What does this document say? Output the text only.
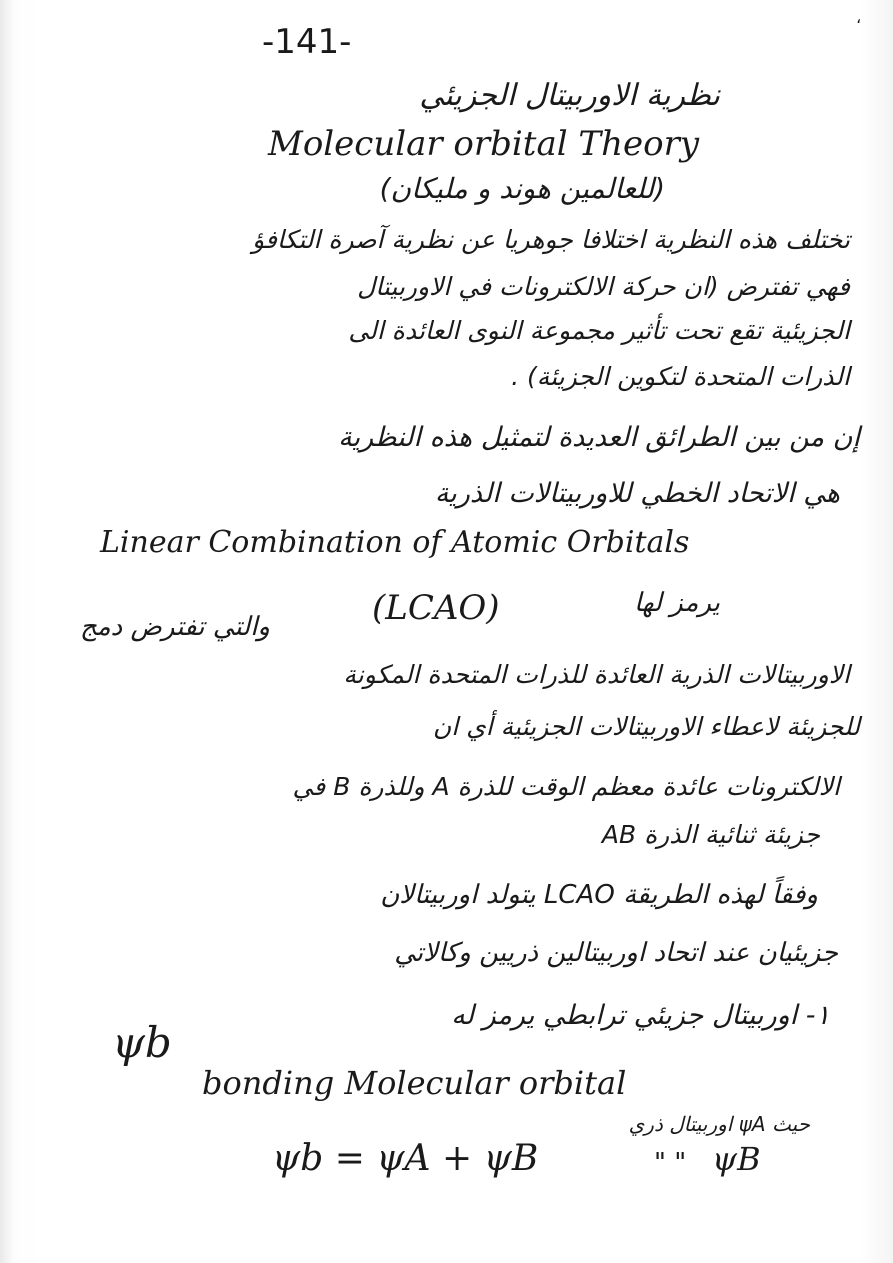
،

-141-

نظرية الاوربيتال الجزيئي

Molecular orbital Theory

(للعالمين هوند و مليكان)

تختلف هذه النظرية اختلافا جوهريا عن نظرية آصرة التكافؤ

فهي تفترض (ان حركة الالكترونات في الاوربيتال

الجزيئية تقع تحت تأثير مجموعة النوى العائدة الى

الذرات المتحدة لتكوين الجزيئة) .

إن من بين الطرائق العديدة لتمثيل هذه النظرية

هي الاتحاد الخطي للاوربيتالات الذرية

Linear Combination of Atomic Orbitals

يرمز لها

(LCAO)

والتي تفترض دمج

الاوربيتالات الذرية العائدة للذرات المتحدة المكونة

للجزيئة لاعطاء الاوربيتالات الجزيئية أي ان

الالكترونات عائدة معظم الوقت للذرة A وللذرة B في

جزيئة ثنائية الذرة AB

وفقاً لهذه الطريقة LCAO يتولد اوربيتالان

جزيئيان عند اتحاد اوربيتالين ذريين وكالاتي

١- اوربيتال جزيئي ترابطي يرمز له

ψb

bonding Molecular orbital

حيث ψA اوربيتال ذري

ψb = ψA + ψB	" " ψB
